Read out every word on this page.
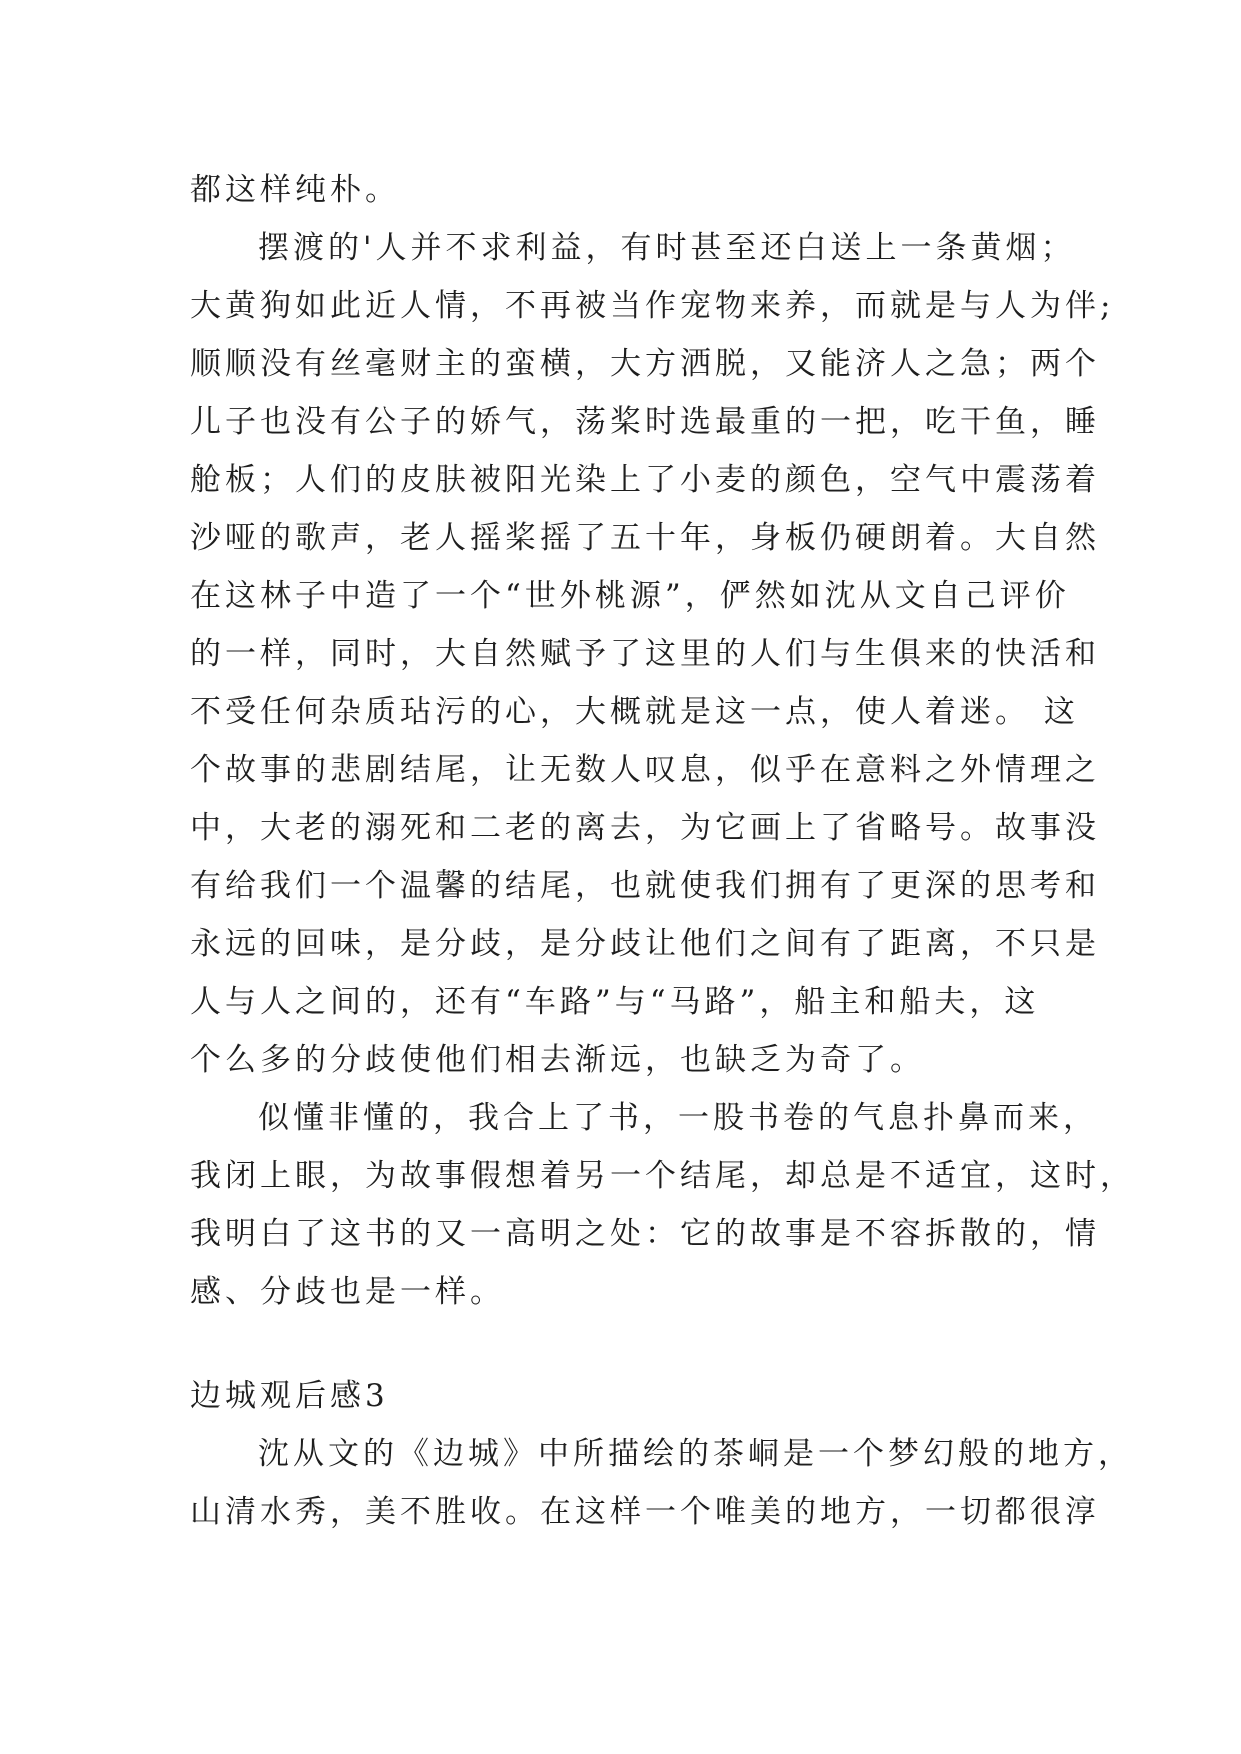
都这样纯朴。
摆渡的'人并不求利益，有时甚至还白送上一条黄烟；
大黄狗如此近人情，不再被当作宠物来养，而就是与人为伴;
顺顺没有丝毫财主的蛮横，大方洒脱，又能济人之急；两个
儿子也没有公子的娇气，荡桨时选最重的一把，吃干鱼，睡
舱板；人们的皮肤被阳光染上了小麦的颜色，空气中震荡着
沙哑的歌声，老人摇桨摇了五十年，身板仍硬朗着。大自然
在这林子中造了一个“世外桃源”，俨然如沈从文自己评价
的一样，同时，大自然赋予了这里的人们与生俱来的快活和
不受任何杂质玷污的心，大概就是这一点，使人着迷。 这
个故事的悲剧结尾，让无数人叹息，似乎在意料之外情理之
中，大老的溺死和二老的离去，为它画上了省略号。故事没
有给我们一个温馨的结尾，也就使我们拥有了更深的思考和
永远的回味，是分歧，是分歧让他们之间有了距离，不只是
人与人之间的，还有“车路”与“马路”，船主和船夫，这
个么多的分歧使他们相去渐远，也缺乏为奇了。
似懂非懂的，我合上了书，一股书卷的气息扑鼻而来，
我闭上眼，为故事假想着另一个结尾，却总是不适宜，这时，
我明白了这书的又一高明之处：它的故事是不容拆散的，情
感、分歧也是一样。
边城观后感3
沈从文的《边城》中所描绘的茶峒是一个梦幻般的地方，
山清水秀，美不胜收。在这样一个唯美的地方，一切都很淳
